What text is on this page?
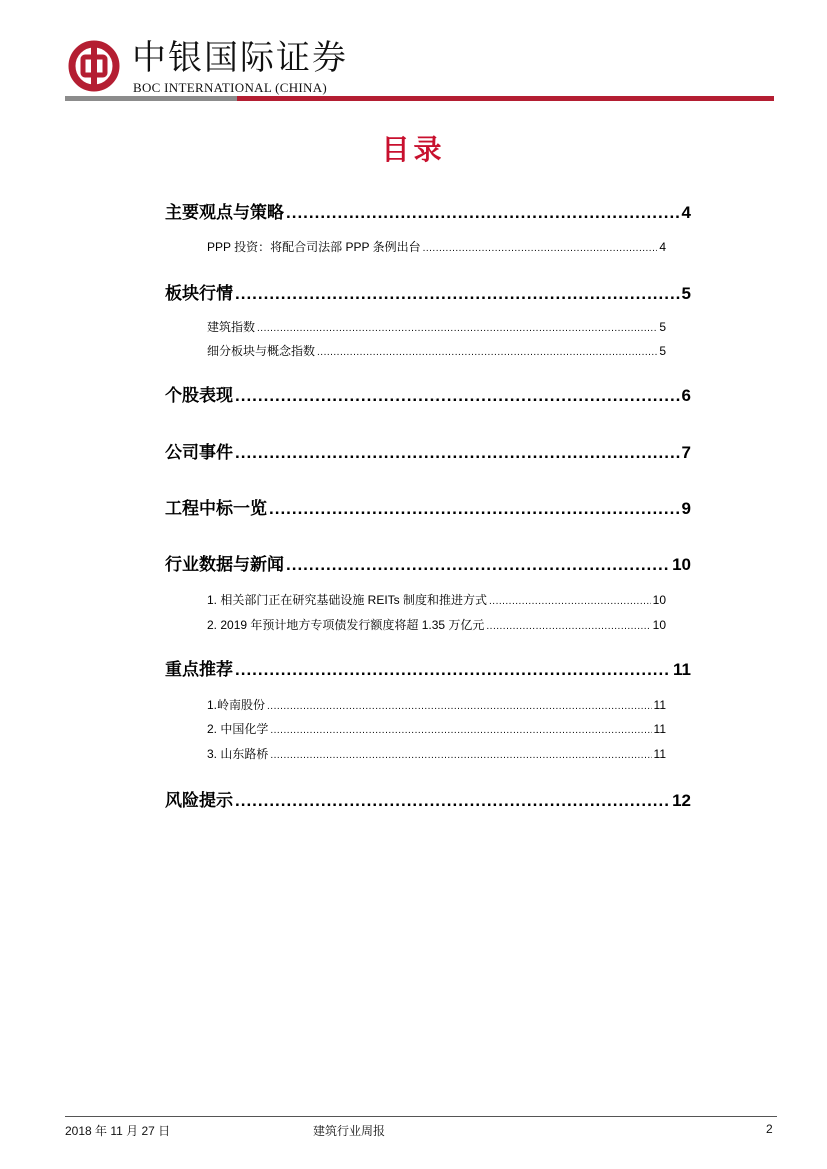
中银国际证券
BOC INTERNATIONAL (CHINA)
目录
主要观点与策略 .....	4
PPP 投资：将配合司法部 PPP 条例出台 .....	4
板块行情 .....	5
建筑指数 .....	5
细分板块与概念指数 .....	5
个股表现 .....	6
公司事件 .....	7
工程中标一览 .....	9
行业数据与新闻 .....	10
1. 相关部门正在研究基础设施 REITs 制度和推进方式 .....	10
2. 2019 年预计地方专项债发行额度将超 1.35 万亿元 .....	10
重点推荐 .....	11
1.岭南股份 .....	11
2. 中国化学 .....	11
3. 山东路桥 .....	11
风险提示 .....	12
2018 年 11 月 27 日	建筑行业周报	2
